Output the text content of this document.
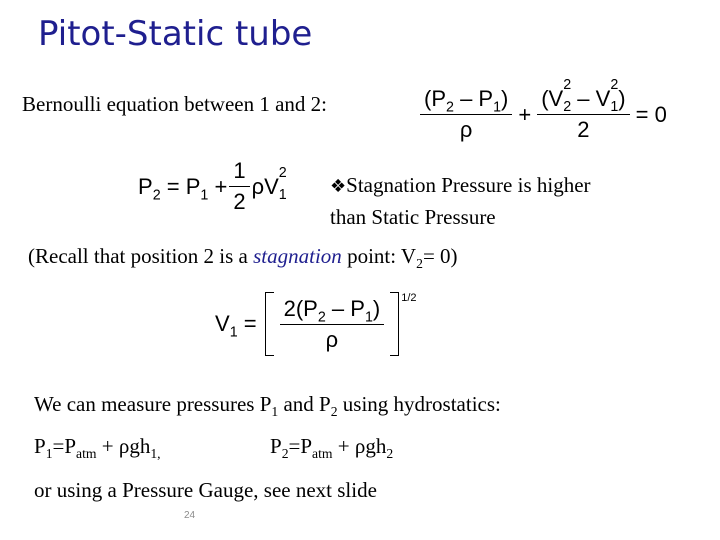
Pitot-Static tube
Bernoulli equation between 1 and 2:	$\frac{(P_2 - P_1)}{\rho} + (V$
$_{2 2}$ – V
$_{2 1}$)
2 = 0
$P_2 = P_1 + \frac{1}{2}$ ρV
$_{2 1}$ ❖Stagnation Pressure is higher
than Static Pressure
(Recall that position 2 is a stagnation point: $V_2= 0$)
$V_1 = \frac{2(P_2 - P_1)}{\rho} 1/2$
We can measure pressures $P_1$ and $P_2$ using hydrostatics:
$P_1=P_{atm} + \rho gh_{1,}$	$P_2=P_{atm} + \rho gh_2$
or using a Pressure Gauge, see next slide
24
